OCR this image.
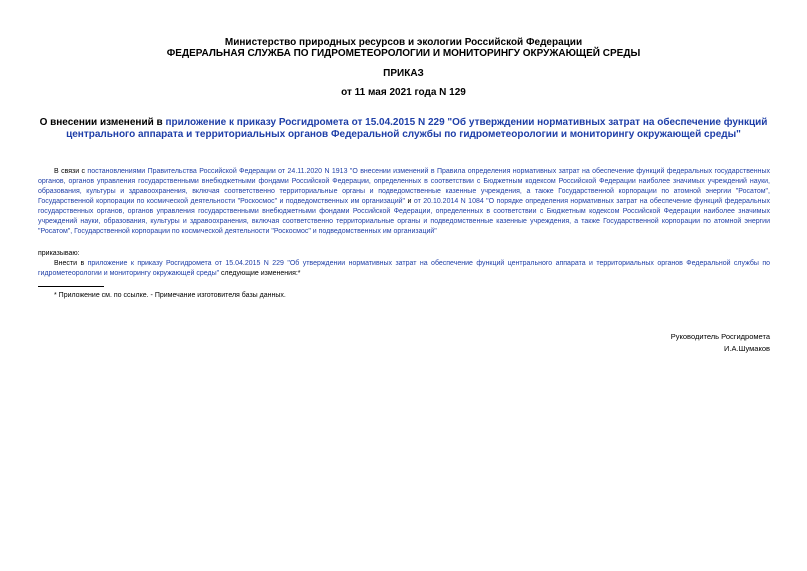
Министерство природных ресурсов и экологии Российской Федерации
ФЕДЕРАЛЬНАЯ СЛУЖБА ПО ГИДРОМЕТЕОРОЛОГИИ И МОНИТОРИНГУ ОКРУЖАЮЩЕЙ СРЕДЫ
ПРИКАЗ
от 11 мая 2021 года N 129
О внесении изменений в приложение к приказу Росгидромета от 15.04.2015 N 229 "Об утверждении нормативных затрат на обеспечение функций центрального аппарата и территориальных органов Федеральной службы по гидрометеорологии и мониторингу окружающей среды"
В связи с постановлениями Правительства Российской Федерации от 24.11.2020 N 1913 "О внесении изменений в Правила определения нормативных затрат на обеспечение функций федеральных государственных органов, органов управления государственными внебюджетными фондами Российской Федерации, определенных в соответствии с Бюджетным кодексом Российской Федерации наиболее значимых учреждений науки, образования, культуры и здравоохранения, включая соответственно территориальные органы и подведомственные казенные учреждения, а также Государственной корпорации по атомной энергии "Росатом", Государственной корпорации по космической деятельности "Роскосмос" и подведомственных им организаций" и от 20.10.2014 N 1084 "О порядке определения нормативных затрат на обеспечение функций федеральных государственных органов, органов управления государственными внебюджетными фондами Российской Федерации, определенных в соответствии с Бюджетным кодексом Российской Федерации наиболее значимых учреждений науки, образования, культуры и здравоохранения, включая соответственно территориальные органы и подведомственные казенные учреждения, а также Государственной корпорации по атомной энергии "Росатом", Государственной корпорации по космической деятельности "Роскосмос" и подведомственных им организаций"
приказываю:
Внести в приложение к приказу Росгидромета от 15.04.2015 N 229 "Об утверждении нормативных затрат на обеспечение функций центрального аппарата и территориальных органов Федеральной службы по гидрометеорологии и мониторингу окружающей среды" следующие изменения:*
* Приложение см. по ссылке. - Примечание изготовителя базы данных.
Руководитель Росгидромета
И.А.Шумаков
